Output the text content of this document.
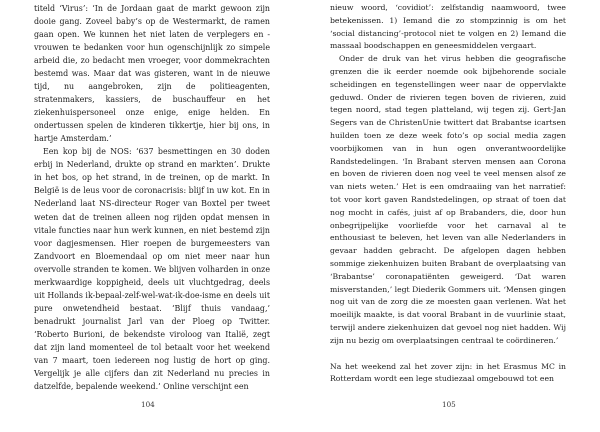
titeld ‘Virus’: ‘In de Jordaan gaat de markt gewoon zijn dooie gang. Zoveel baby’s op de Westermarkt, de ramen gaan open. We kunnen het niet laten de verplegers en -vrouwen te bedanken voor hun ogenschijnlijk zo simpele arbeid die, zo bedacht men vroeger, voor dommekrachten bestemd was. Maar dat was gisteren, want in de nieuwe tijd, nu aangebroken, zijn de politieagenten, stratenmakers, kassiers, de buschauffeur en het ziekenhuispersoneel onze enige, enige helden. En ondertussen spelen de kinderen tikkertje, hier bij ons, in hartje Amsterdam.’

Een kop bij de NOS: ‘637 besmettingen en 30 doden erbij in Nederland, drukte op strand en markten’. Drukte in het bos, op het strand, in de treinen, op de markt. In België is de leus voor de coronacrisis: blijf in uw kot. En in Nederland laat NS-directeur Roger van Boxtel per tweet weten dat de treinen alleen nog rijden opdat mensen in vitale functies naar hun werk kunnen, en niet bestemd zijn voor dagjesmensen. Hier roepen de burgemeesters van Zandvoort en Bloemendaal op om niet meer naar hun overvolle stranden te komen. We blijven volharden in onze merkwaardige koppigheid, deels uit vluchtgedrag, deels uit Hollands ik-bepaal-zelf-wel-wat-ik-doe-isme en deels uit pure onwetendheid bestaat. ‘Blijf thuis vandaag,’ benadrukt journalist Jarl van der Ploeg op Twitter. ‘Roberto Burioni, de bekendste viroloog van Italië, zegt dat zijn land momenteel de tol betaalt voor het weekend van 7 maart, toen iedereen nog lustig de hort op ging. Vergelijk je alle cijfers dan zit Nederland nu precies in datzelfde, bepalende weekend.’ Online verschijnt een

104

nieuw woord, ‘covidiot’: zelfstandig naamwoord, twee betekenissen. 1) Iemand die zo stompzinnig is om het ‘social distancing’-protocol niet te volgen en 2) Iemand die massaal boodschappen en geneesmiddelen vergaart.

Onder de druk van het virus hebben die geografische grenzen die ik eerder noemde ook bijbehorende sociale scheidingen en tegenstellingen weer naar de oppervlakte geduwd. Onder de rivieren tegen boven de rivieren, zuid tegen noord, stad tegen platteland, wij tegen zij. Gert-Jan Segers van de ChristenUnie twittert dat Brabantse icartsen huilden toen ze deze week foto’s op social media zagen voorbijkomen van in hun ogen onverantwoordelijke Randstedelingen. ‘In Brabant sterven mensen aan Corona en boven de rivieren doen nog veel te veel mensen alsof ze van niets weten.’ Het is een omdraaiing van het narratief: tot voor kort gaven Randstedelingen, op straat of toen dat nog mocht in cafés, juist af op Brabanders, die, door hun onbegrijpelijke voorliefde voor het carnaval al te enthousiast te beleven, het leven van alle Nederlanders in gevaar hadden gebracht. De afgelopen dagen hebben sommige ziekenhuizen buiten Brabant de overplaatsing van ‘Brabantse’ coronapatiënten geweigerd. ‘Dat waren misverstanden,’ legt Diederik Gommers uit. ‘Mensen gingen nog uit van de zorg die ze moesten gaan verlenen. Wat het moeilijk maakte, is dat vooral Brabant in de vuurlinie staat, terwijl andere ziekenhuizen dat gevoel nog niet hadden. Wij zijn nu bezig om overplaatsingen centraal te coördineren.’

Na het weekend zal het zover zijn: in het Erasmus MC in Rotterdam wordt een lege studiezaal omgebouwd tot een

105
